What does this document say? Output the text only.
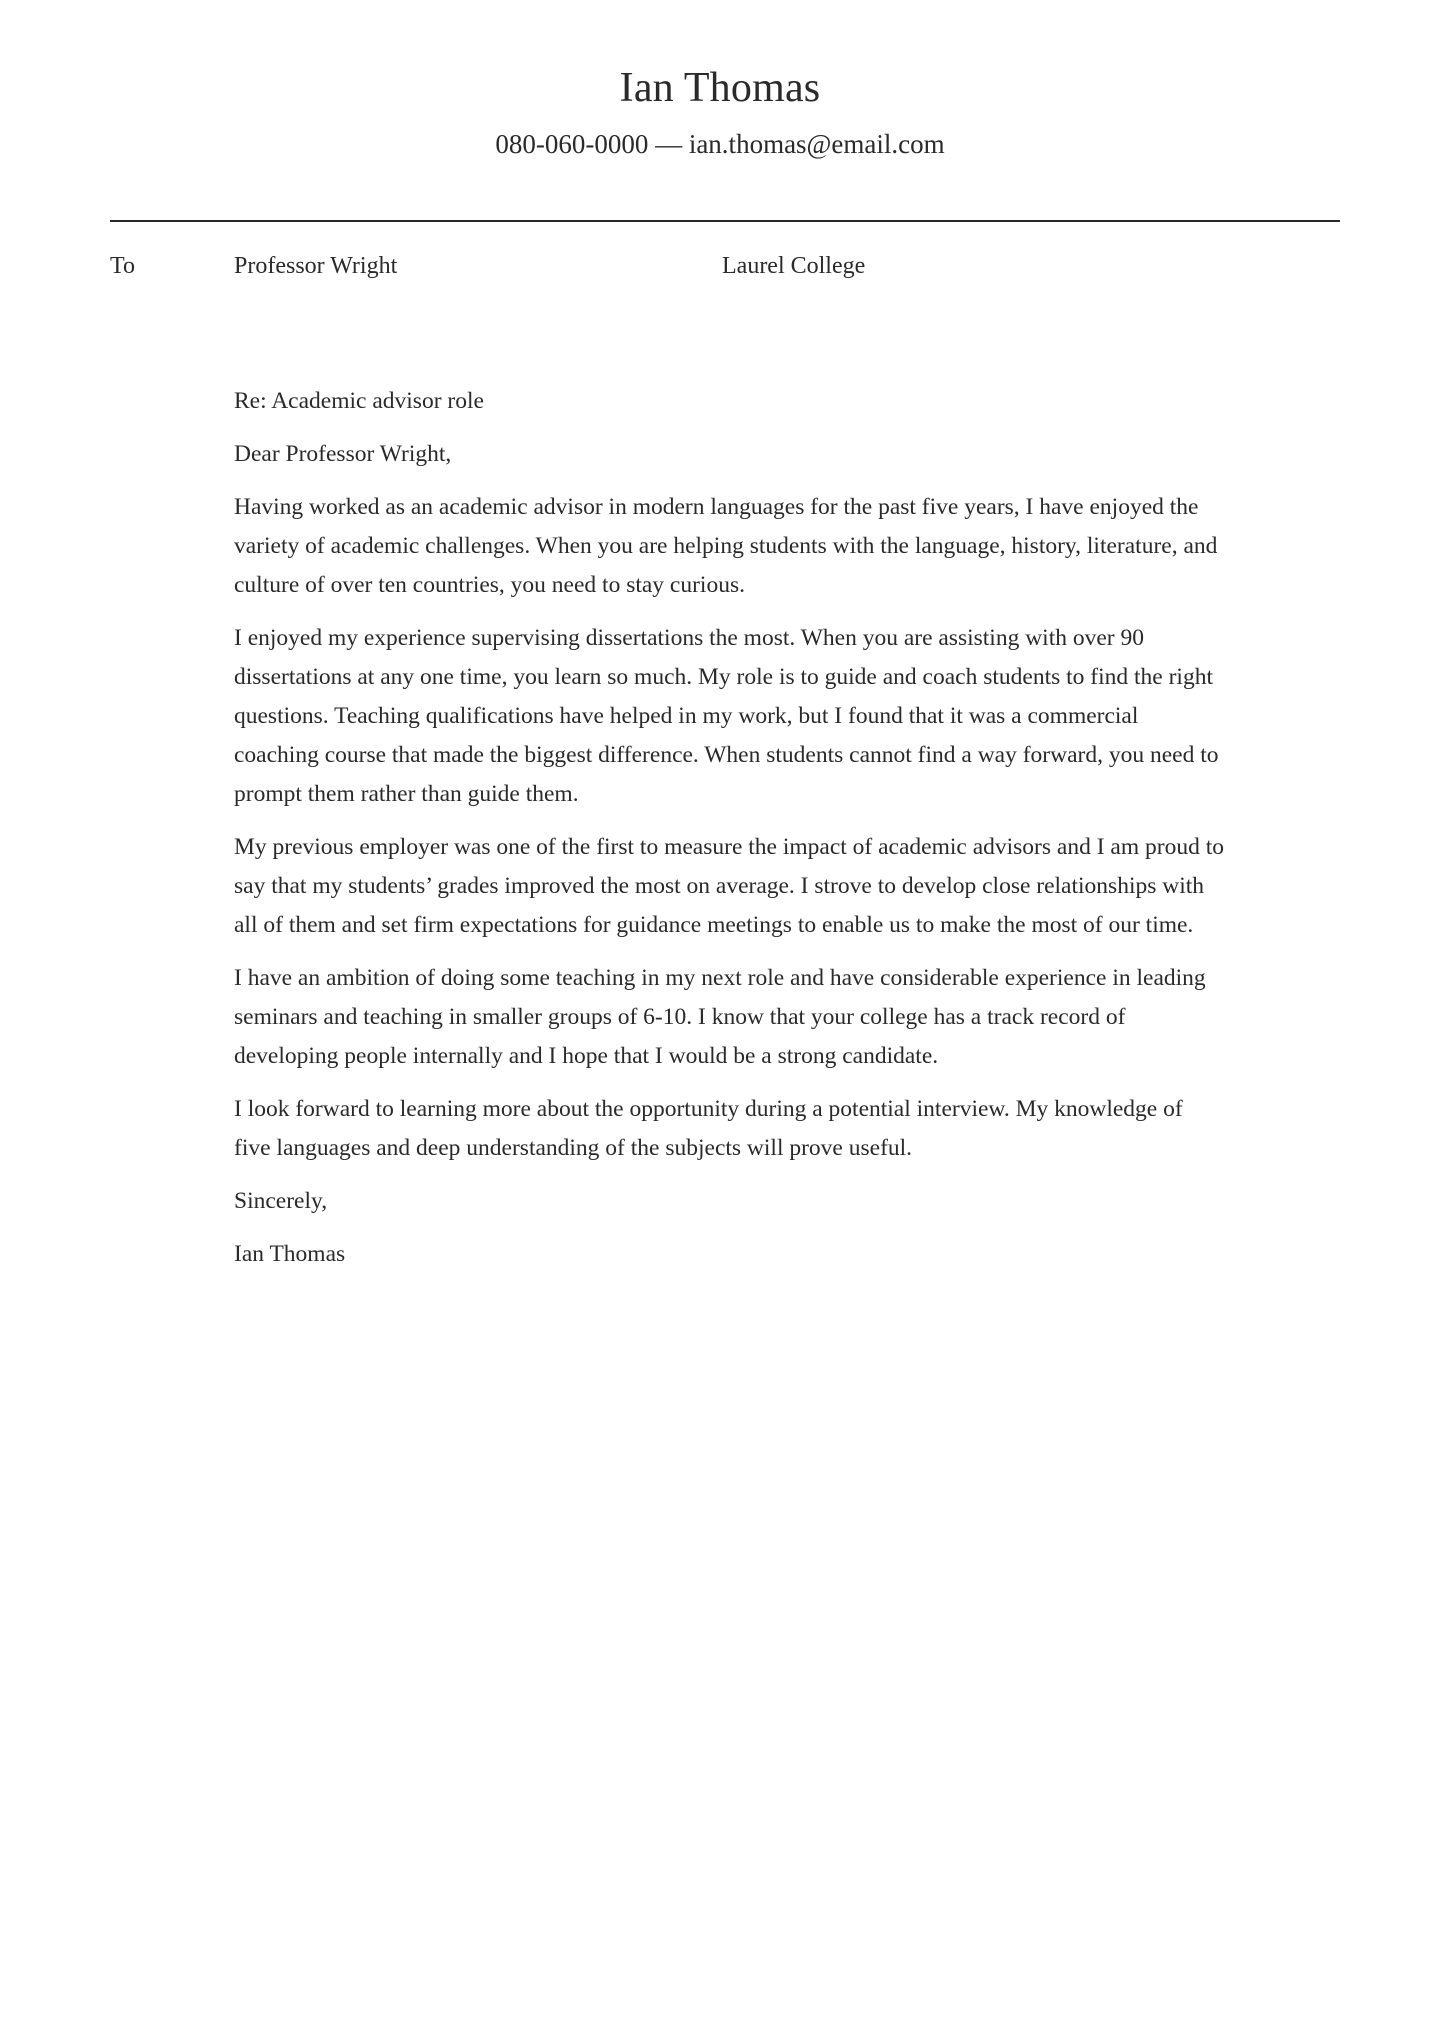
Ian Thomas
080-060-0000 — ian.thomas@email.com
To	Professor Wright	Laurel College

Re: Academic advisor role

Dear Professor Wright,

Having worked as an academic advisor in modern languages for the past five years, I have enjoyed the variety of academic challenges. When you are helping students with the language, history, literature, and culture of over ten countries, you need to stay curious.

I enjoyed my experience supervising dissertations the most. When you are assisting with over 90 dissertations at any one time, you learn so much. My role is to guide and coach students to find the right questions. Teaching qualifications have helped in my work, but I found that it was a commercial coaching course that made the biggest difference. When students cannot find a way forward, you need to prompt them rather than guide them.

My previous employer was one of the first to measure the impact of academic advisors and I am proud to say that my students’ grades improved the most on average. I strove to develop close relationships with all of them and set firm expectations for guidance meetings to enable us to make the most of our time.

I have an ambition of doing some teaching in my next role and have considerable experience in leading seminars and teaching in smaller groups of 6-10. I know that your college has a track record of developing people internally and I hope that I would be a strong candidate.

I look forward to learning more about the opportunity during a potential interview. My knowledge of five languages and deep understanding of the subjects will prove useful.

Sincerely,

Ian Thomas
